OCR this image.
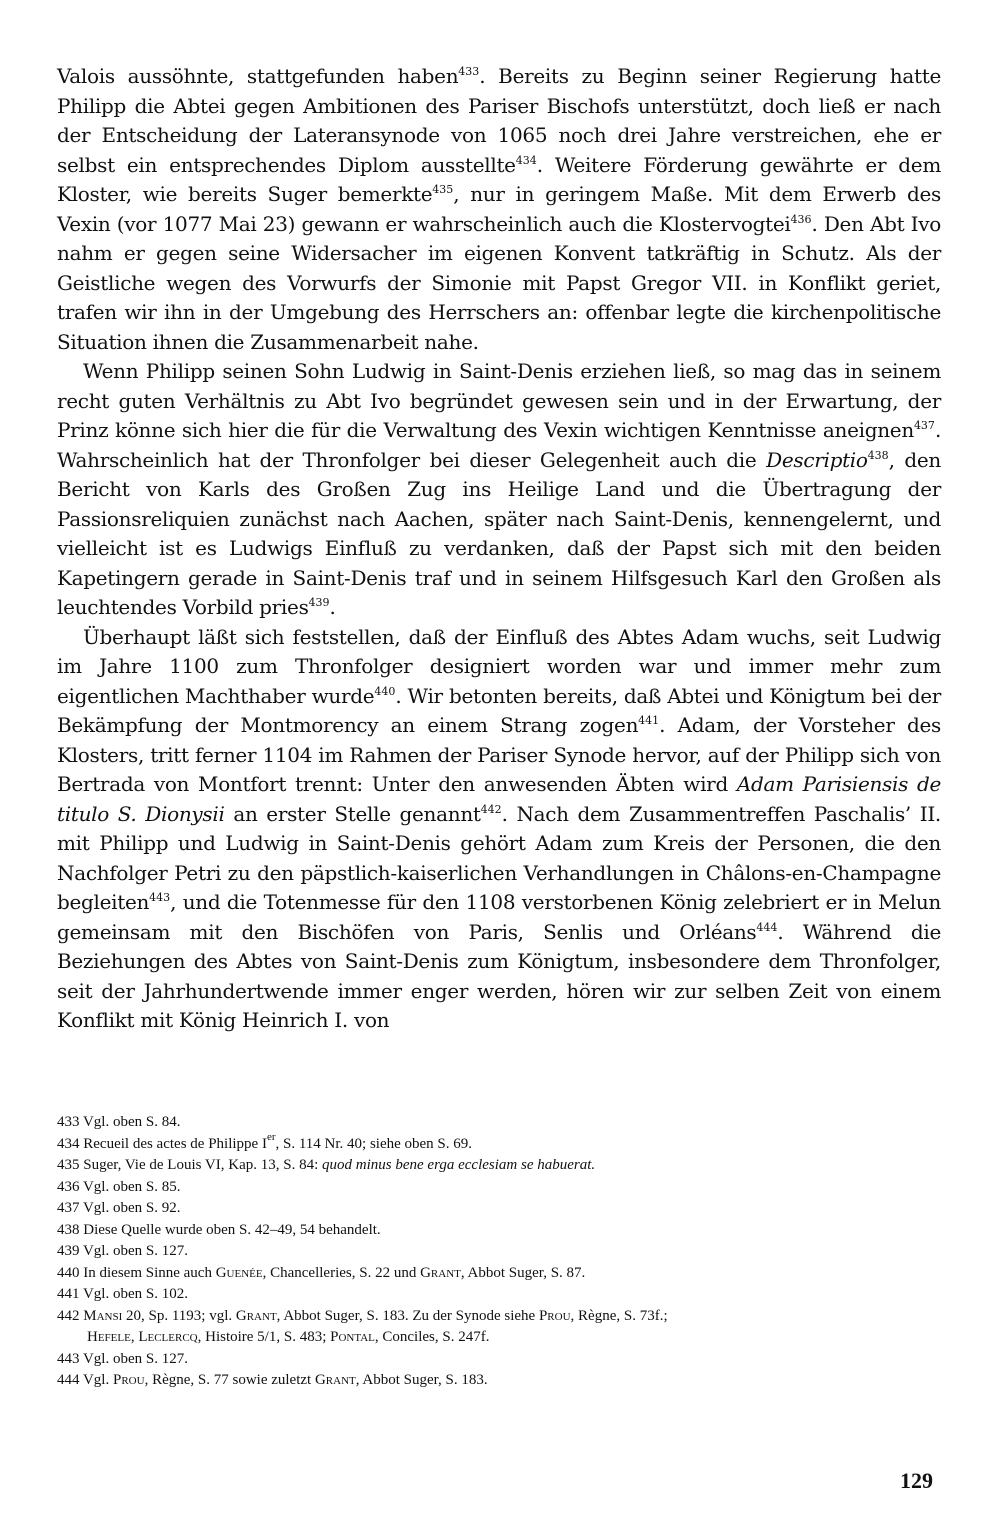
Valois aussöhnte, stattgefunden haben$^{433}$. Bereits zu Beginn seiner Regierung hatte Philipp die Abtei gegen Ambitionen des Pariser Bischofs unterstützt, doch ließ er nach der Entscheidung der Lateransynode von 1065 noch drei Jahre verstreichen, ehe er selbst ein entsprechendes Diplom ausstellte$^{434}$. Weitere Förderung gewährte er dem Kloster, wie bereits Suger bemerkte$^{435}$, nur in geringem Maße. Mit dem Erwerb des Vexin (vor 1077 Mai 23) gewann er wahrscheinlich auch die Klostervogtei$^{436}$. Den Abt Ivo nahm er gegen seine Widersacher im eigenen Konvent tatkräftig in Schutz. Als der Geistliche wegen des Vorwurfs der Simonie mit Papst Gregor VII. in Konflikt geriet, trafen wir ihn in der Umgebung des Herrschers an: offenbar legte die kirchenpolitische Situation ihnen die Zusammenarbeit nahe.

Wenn Philipp seinen Sohn Ludwig in Saint-Denis erziehen ließ, so mag das in seinem recht guten Verhältnis zu Abt Ivo begründet gewesen sein und in der Erwartung, der Prinz könne sich hier die für die Verwaltung des Vexin wichtigen Kenntnisse aneignen$^{437}$. Wahrscheinlich hat der Thronfolger bei dieser Gelegenheit auch die Descriptio$^{438}$, den Bericht von Karls des Großen Zug ins Heilige Land und die Übertragung der Passionsreliquien zunächst nach Aachen, später nach Saint-Denis, kennengelernt, und vielleicht ist es Ludwigs Einfluß zu verdanken, daß der Papst sich mit den beiden Kapetingern gerade in Saint-Denis traf und in seinem Hilfsgesuch Karl den Großen als leuchtendes Vorbild pries$^{439}$.

Überhaupt läßt sich feststellen, daß der Einfluß des Abtes Adam wuchs, seit Ludwig im Jahre 1100 zum Thronfolger designiert worden war und immer mehr zum eigentlichen Machthaber wurde$^{440}$. Wir betonten bereits, daß Abtei und Königtum bei der Bekämpfung der Montmorency an einem Strang zogen$^{441}$. Adam, der Vorsteher des Klosters, tritt ferner 1104 im Rahmen der Pariser Synode hervor, auf der Philipp sich von Bertrada von Montfort trennt: Unter den anwesenden Äbten wird Adam Parisiensis de titulo S. Dionysii an erster Stelle genannt$^{442}$. Nach dem Zusammentreffen Paschalis’ II. mit Philipp und Ludwig in Saint-Denis gehört Adam zum Kreis der Personen, die den Nachfolger Petri zu den päpstlich-kaiserlichen Verhandlungen in Châlons-en-Champagne begleiten$^{443}$, und die Totenmesse für den 1108 verstorbenen König zelebriert er in Melun gemeinsam mit den Bischöfen von Paris, Senlis und Orléans$^{444}$. Während die Beziehungen des Abtes von Saint-Denis zum Königtum, insbesondere dem Thronfolger, seit der Jahrhundertwende immer enger werden, hören wir zur selben Zeit von einem Konflikt mit König Heinrich I. von

433 Vgl. oben S. 84.
434 Recueil des actes de Philippe Ier, S. 114 Nr. 40; siehe oben S. 69.
435 Suger, Vie de Louis VI, Kap. 13, S. 84: quod minus bene erga ecclesiam se habuerat.
436 Vgl. oben S. 85.
437 Vgl. oben S. 92.
438 Diese Quelle wurde oben S. 42–49, 54 behandelt.
439 Vgl. oben S. 127.
440 In diesem Sinne auch Guenée, Chancelleries, S. 22 und Grant, Abbot Suger, S. 87.
441 Vgl. oben S. 102.
442 Mansi 20, Sp. 1193; vgl. Grant, Abbot Suger, S. 183. Zu der Synode siehe Prou, Règne, S. 73f.;
Hefele, Leclercq, Histoire 5/1, S. 483; Pontal, Conciles, S. 247f.
443 Vgl. oben S. 127.
444 Vgl. Prou, Règne, S. 77 sowie zuletzt Grant, Abbot Suger, S. 183.
129
